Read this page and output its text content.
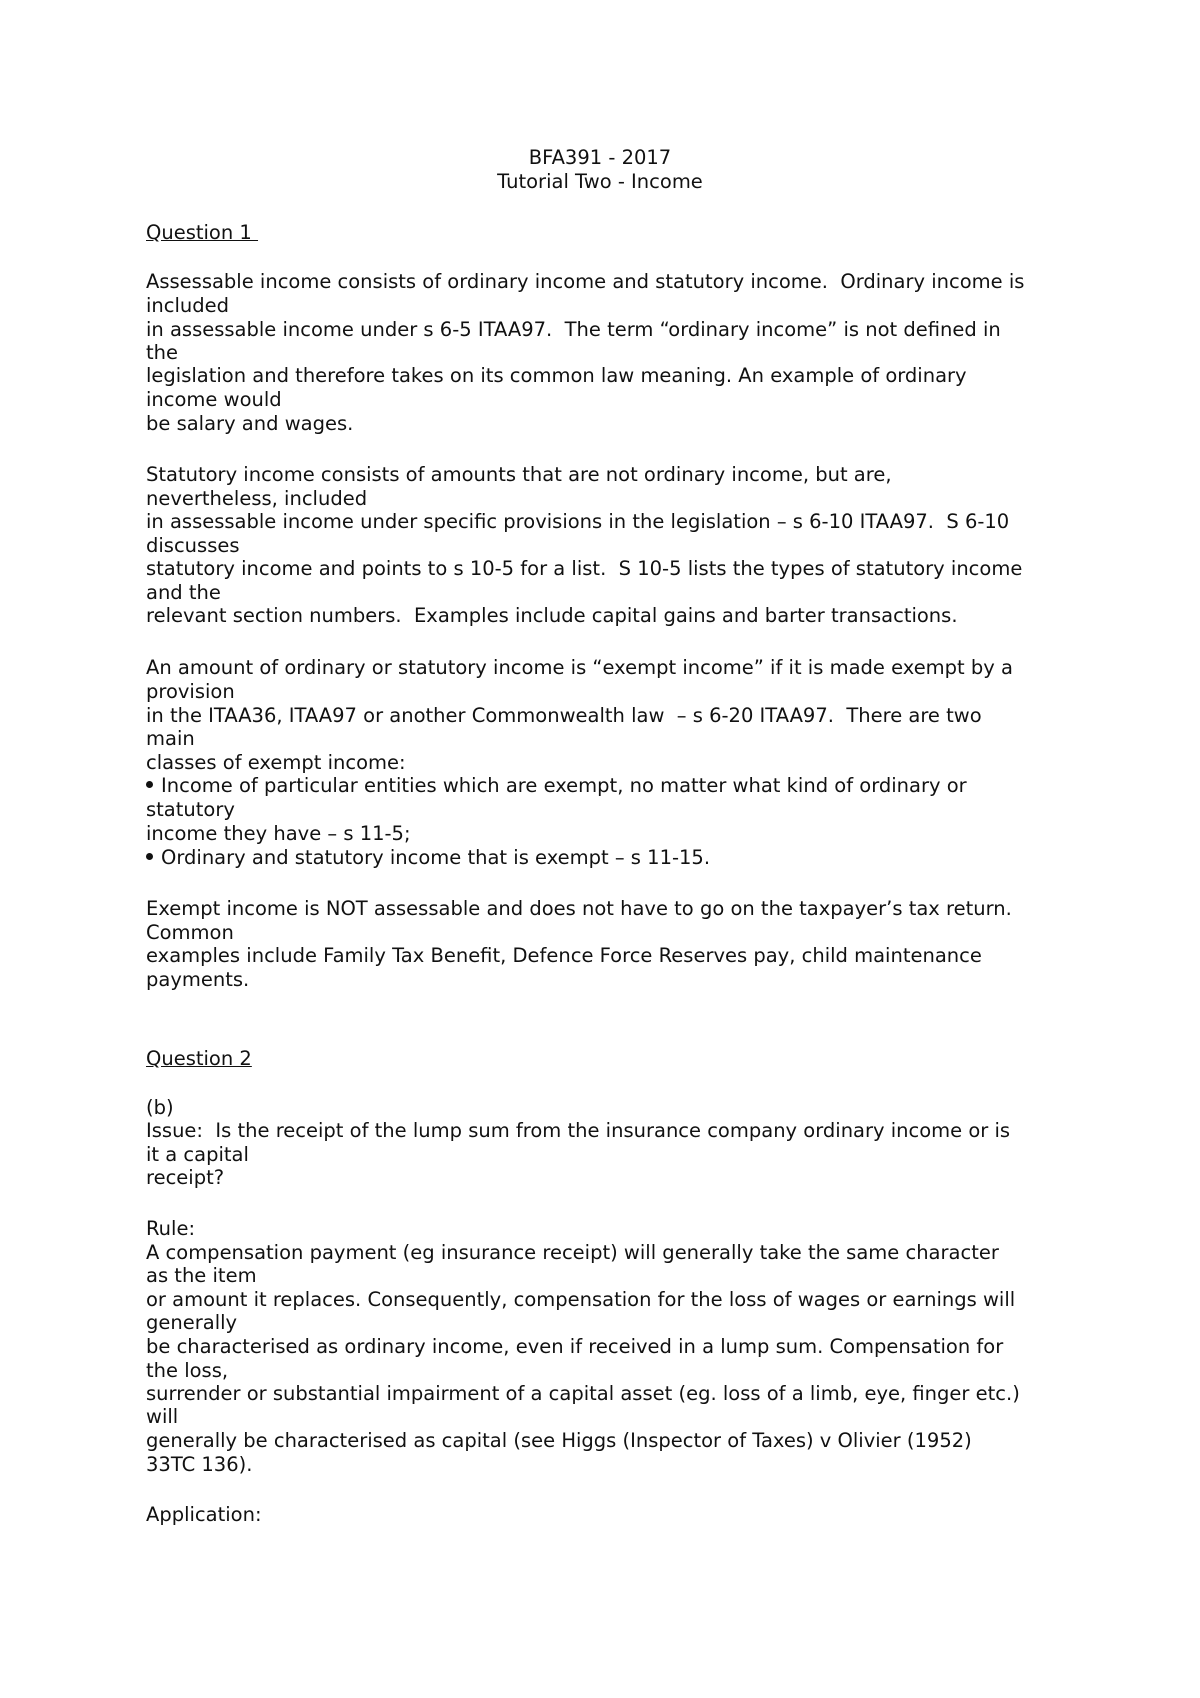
BFA391 - 2017
Tutorial Two - Income
Question 1
Assessable income consists of ordinary income and statutory income.  Ordinary income is
included
in assessable income under s 6-5 ITAA97.  The term “ordinary income” is not defined in
the
legislation and therefore takes on its common law meaning. An example of ordinary
income would
be salary and wages.
Statutory income consists of amounts that are not ordinary income, but are,
nevertheless, included
in assessable income under specific provisions in the legislation – s 6-10 ITAA97.  S 6-10
discusses
statutory income and points to s 10-5 for a list.  S 10-5 lists the types of statutory income
and the
relevant section numbers.  Examples include capital gains and barter transactions.
An amount of ordinary or statutory income is “exempt income” if it is made exempt by a
provision
in the ITAA36, ITAA97 or another Commonwealth law  – s 6-20 ITAA97.  There are two
main
classes of exempt income:
Income of particular entities which are exempt, no matter what kind of ordinary or
statutory
income they have – s 11-5;
Ordinary and statutory income that is exempt – s 11-15.
Exempt income is NOT assessable and does not have to go on the taxpayer’s tax return.
Common
examples include Family Tax Benefit, Defence Force Reserves pay, child maintenance
payments.
Question 2
(b)
Issue:  Is the receipt of the lump sum from the insurance company ordinary income or is
it a capital
receipt?
Rule:
A compensation payment (eg insurance receipt) will generally take the same character
as the item
or amount it replaces. Consequently, compensation for the loss of wages or earnings will
generally
be characterised as ordinary income, even if received in a lump sum. Compensation for
the loss,
surrender or substantial impairment of a capital asset (eg. loss of a limb, eye, finger etc.)
will
generally be characterised as capital (see Higgs (Inspector of Taxes) v Olivier (1952)
33TC 136).
Application:
